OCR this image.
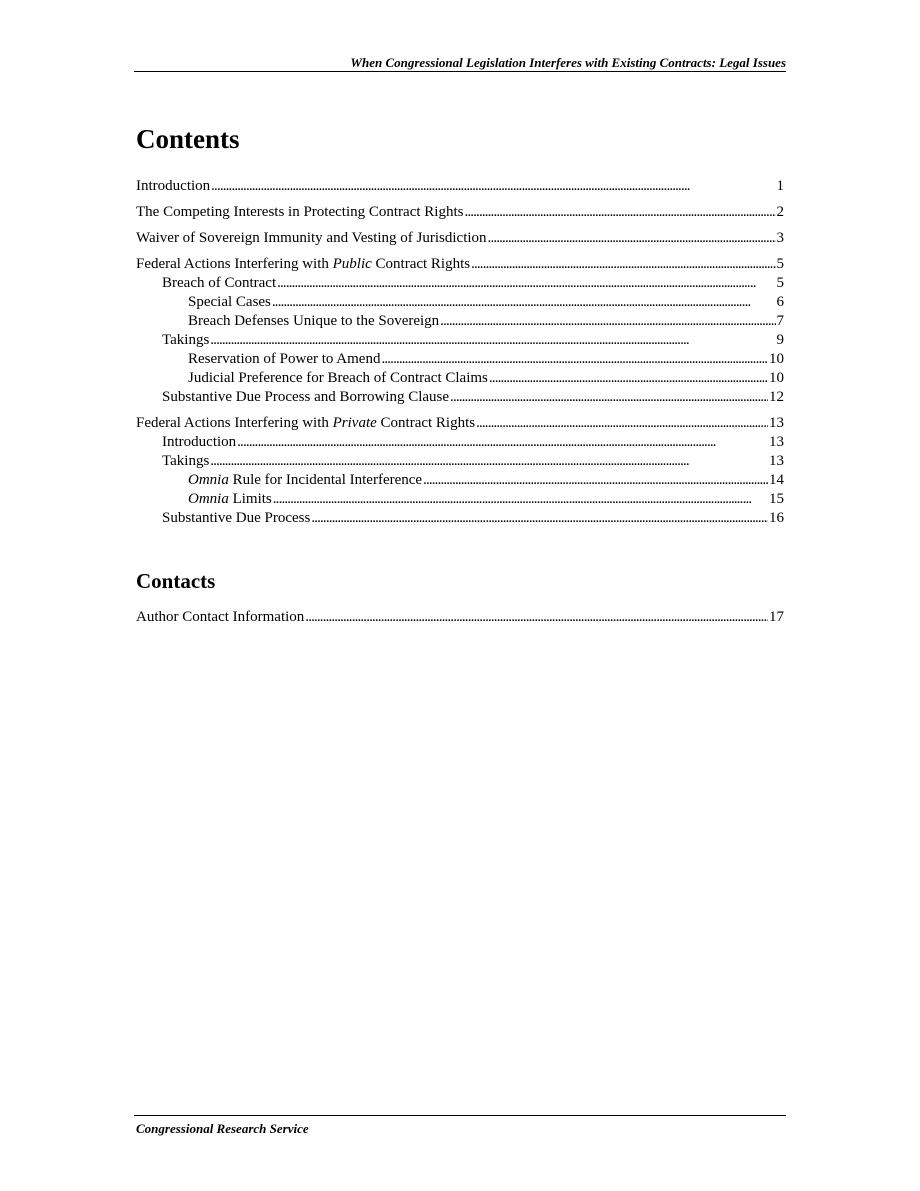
When Congressional Legislation Interferes with Existing Contracts: Legal Issues
Contents
Introduction . . .	1
The Competing Interests in Protecting Contract Rights . . .	2
Waiver of Sovereign Immunity and Vesting of Jurisdiction . . .	3
Federal Actions Interfering with Public Contract Rights . . .	5
Breach of Contract . . .	5
Special Cases . . .	6
Breach Defenses Unique to the Sovereign . . .	7
Takings . . .	9
Reservation of Power to Amend . . .	10
Judicial Preference for Breach of Contract Claims . . .	10
Substantive Due Process and Borrowing Clause . . .	12
Federal Actions Interfering with Private Contract Rights . . .	13
Introduction . . .	13
Takings . . .	13
Omnia Rule for Incidental Interference . . .	14
Omnia Limits . . .	15
Substantive Due Process . . .	16
Contacts
Author Contact Information . . .	17
Congressional Research Service
